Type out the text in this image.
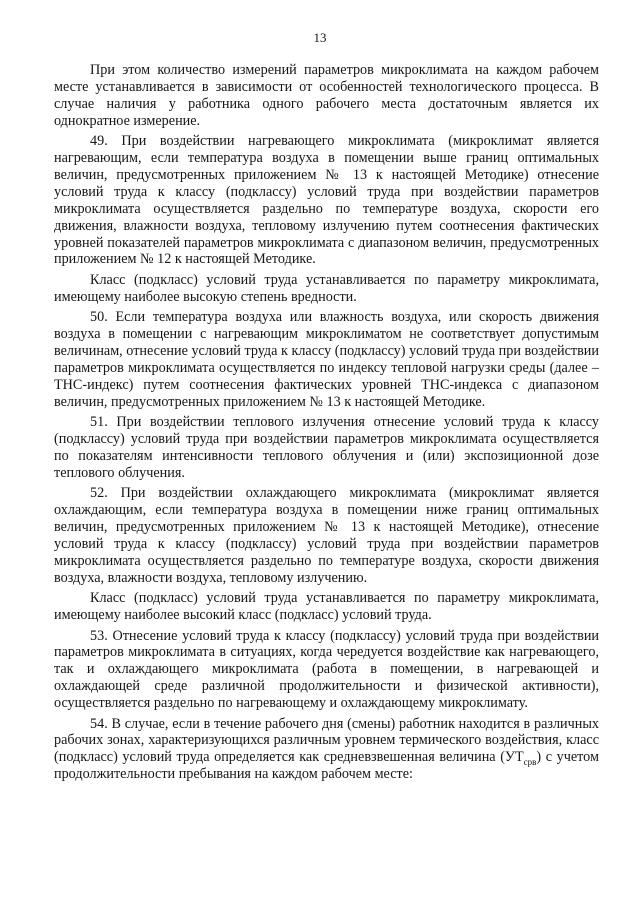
13

При этом количество измерений параметров микроклимата на каждом рабочем месте устанавливается в зависимости от особенностей технологического процесса. В случае наличия у работника одного рабочего места достаточным является их однократное измерение.

49. При воздействии нагревающего микроклимата (микроклимат является нагревающим, если температура воздуха в помещении выше границ оптимальных величин, предусмотренных приложением № 13 к настоящей Методике) отнесение условий труда к классу (подклассу) условий труда при воздействии параметров микроклимата осуществляется раздельно по температуре воздуха, скорости его движения, влажности воздуха, тепловому излучению путем соотнесения фактических уровней показателей параметров микроклимата с диапазоном величин, предусмотренных приложением № 12 к настоящей Методике.

Класс (подкласс) условий труда устанавливается по параметру микроклимата, имеющему наиболее высокую степень вредности.

50. Если температура воздуха или влажность воздуха, или скорость движения воздуха в помещении с нагревающим микроклиматом не соответствует допустимым величинам, отнесение условий труда к классу (подклассу) условий труда при воздействии параметров микроклимата осуществляется по индексу тепловой нагрузки среды (далее – ТНС-индекс) путем соотнесения фактических уровней ТНС-индекса с диапазоном величин, предусмотренных приложением № 13 к настоящей Методике.

51. При воздействии теплового излучения отнесение условий труда к классу (подклассу) условий труда при воздействии параметров микроклимата осуществляется по показателям интенсивности теплового облучения и (или) экспозиционной дозе теплового облучения.

52. При воздействии охлаждающего микроклимата (микроклимат является охлаждающим, если температура воздуха в помещении ниже границ оптимальных величин, предусмотренных приложением № 13 к настоящей Методике), отнесение условий труда к классу (подклассу) условий труда при воздействии параметров микроклимата осуществляется раздельно по температуре воздуха, скорости движения воздуха, влажности воздуха, тепловому излучению.

Класс (подкласс) условий труда устанавливается по параметру микроклимата, имеющему наиболее высокий класс (подкласс) условий труда.

53. Отнесение условий труда к классу (подклассу) условий труда при воздействии параметров микроклимата в ситуациях, когда чередуется воздействие как нагревающего, так и охлаждающего микроклимата (работа в помещении, в нагревающей и охлаждающей среде различной продолжительности и физической активности), осуществляется раздельно по нагревающему и охлаждающему микроклимату.

54. В случае, если в течение рабочего дня (смены) работник находится в различных рабочих зонах, характеризующихся различным уровнем термического воздействия, класс (подкласс) условий труда определяется как средневзвешенная величина $(УТ_{срв})$ с учетом продолжительности пребывания на каждом рабочем месте:
